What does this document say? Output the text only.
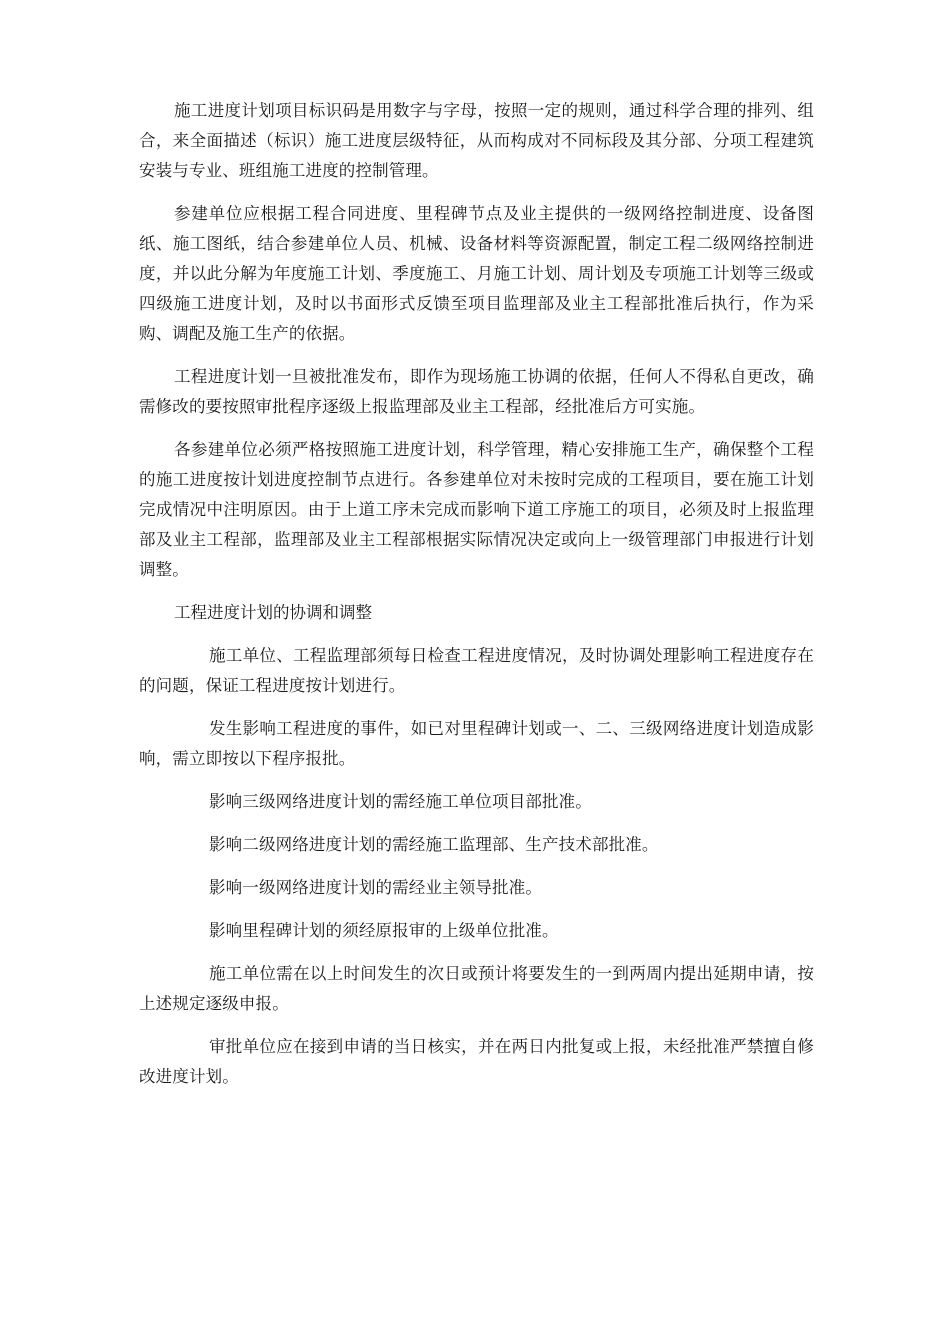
施工进度计划项目标识码是用数字与字母，按照一定的规则，通过科学合理的排列、组合，来全面描述（标识）施工进度层级特征，从而构成对不同标段及其分部、分项工程建筑安装与专业、班组施工进度的控制管理。

参建单位应根据工程合同进度、里程碑节点及业主提供的一级网络控制进度、设备图纸、施工图纸，结合参建单位人员、机械、设备材料等资源配置，制定工程二级网络控制进度，并以此分解为年度施工计划、季度施工、月施工计划、周计划及专项施工计划等三级或四级施工进度计划，及时以书面形式反馈至项目监理部及业主工程部批准后执行，作为采购、调配及施工生产的依据。

工程进度计划一旦被批准发布，即作为现场施工协调的依据，任何人不得私自更改，确需修改的要按照审批程序逐级上报监理部及业主工程部，经批准后方可实施。

各参建单位必须严格按照施工进度计划，科学管理，精心安排施工生产，确保整个工程的施工进度按计划进度控制节点进行。各参建单位对未按时完成的工程项目，要在施工计划完成情况中注明原因。由于上道工序未完成而影响下道工序施工的项目，必须及时上报监理部及业主工程部，监理部及业主工程部根据实际情况决定或向上一级管理部门申报进行计划调整。

工程进度计划的协调和调整

施工单位、工程监理部须每日检查工程进度情况，及时协调处理影响工程进度存在的问题，保证工程进度按计划进行。

发生影响工程进度的事件，如已对里程碑计划或一、二、三级网络进度计划造成影响，需立即按以下程序报批。

影响三级网络进度计划的需经施工单位项目部批准。

影响二级网络进度计划的需经施工监理部、生产技术部批准。

影响一级网络进度计划的需经业主领导批准。

影响里程碑计划的须经原报审的上级单位批准。

施工单位需在以上时间发生的次日或预计将要发生的一到两周内提出延期申请，按上述规定逐级申报。

审批单位应在接到申请的当日核实，并在两日内批复或上报，未经批准严禁擅自修改进度计划。
